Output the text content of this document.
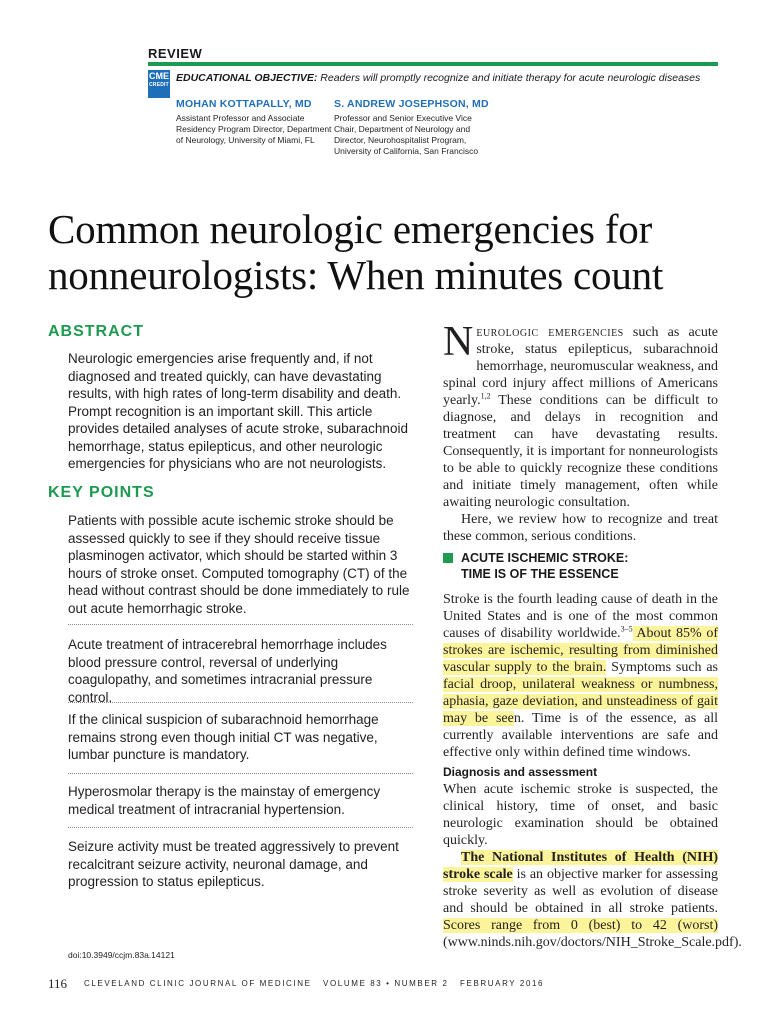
REVIEW
CME
CREDIT
EDUCATIONAL OBJECTIVE: Readers will promptly recognize and initiate therapy for acute neurologic diseases
MOHAN KOTTAPALLY, MD
Assistant Professor and Associate Residency Program Director, Department of Neurology, University of Miami, FL
S. ANDREW JOSEPHSON, MD
Professor and Senior Executive Vice Chair, Department of Neurology and Director, Neurohospitalist Program, University of California, San Francisco
Common neurologic emergencies for nonneurologists: When minutes count
ABSTRACT
Neurologic emergencies arise frequently and, if not diagnosed and treated quickly, can have devastating results, with high rates of long-term disability and death. Prompt recognition is an important skill. This article provides detailed analyses of acute stroke, subarachnoid hemorrhage, status epilepticus, and other neurologic emergencies for physicians who are not neurologists.
KEY POINTS
Patients with possible acute ischemic stroke should be assessed quickly to see if they should receive tissue plasminogen activator, which should be started within 3 hours of stroke onset. Computed tomography (CT) of the head without contrast should be done immediately to rule out acute hemorrhagic stroke.
Acute treatment of intracerebral hemorrhage includes blood pressure control, reversal of underlying coagulopathy, and sometimes intracranial pressure control.
If the clinical suspicion of subarachnoid hemorrhage remains strong even though initial CT was negative, lumbar puncture is mandatory.
Hyperosmolar therapy is the mainstay of emergency medical treatment of intracranial hypertension.
Seizure activity must be treated aggressively to prevent recalcitrant seizure activity, neuronal damage, and progression to status epilepticus.
doi:10.3949/ccjm.83a.14121
116 CLEVELAND CLINIC JOURNAL OF MEDICINE VOLUME 83 • NUMBER 2 FEBRUARY 2016

Neurologic emergencies such as acute stroke, status epilepticus, subarachnoid hemorrhage, neuromuscular weakness, and spinal cord injury affect millions of Americans yearly.$^{1,2}$ These conditions can be difficult to diagnose, and delays in recognition and treatment can have devastating results. Consequently, it is important for nonneurologists to be able to quickly recognize these conditions and initiate timely management, often while awaiting neurologic consultation.

Here, we review how to recognize and treat these common, serious conditions.

ACUTE ISCHEMIC STROKE:
TIME IS OF THE ESSENCE

Stroke is the fourth leading cause of death in the United States and is one of the most common causes of disability worldwide.$^{3-5}$ About 85% of strokes are ischemic, resulting from diminished vascular supply to the brain. Symptoms such as facial droop, unilateral weakness or numbness, aphasia, gaze deviation, and unsteadiness of gait may be seen. Time is of the essence, as all currently available interventions are safe and effective only within defined time windows.

Diagnosis and assessment

When acute ischemic stroke is suspected, the clinical history, time of onset, and basic neurologic examination should be obtained quickly.

The National Institutes of Health (NIH) stroke scale is an objective marker for assessing stroke severity as well as evolution of disease and should be obtained in all stroke patients. Scores range from 0 (best) to 42 (worst) (www.ninds.nih.gov/doctors/NIH_Stroke_Scale.pdf).
